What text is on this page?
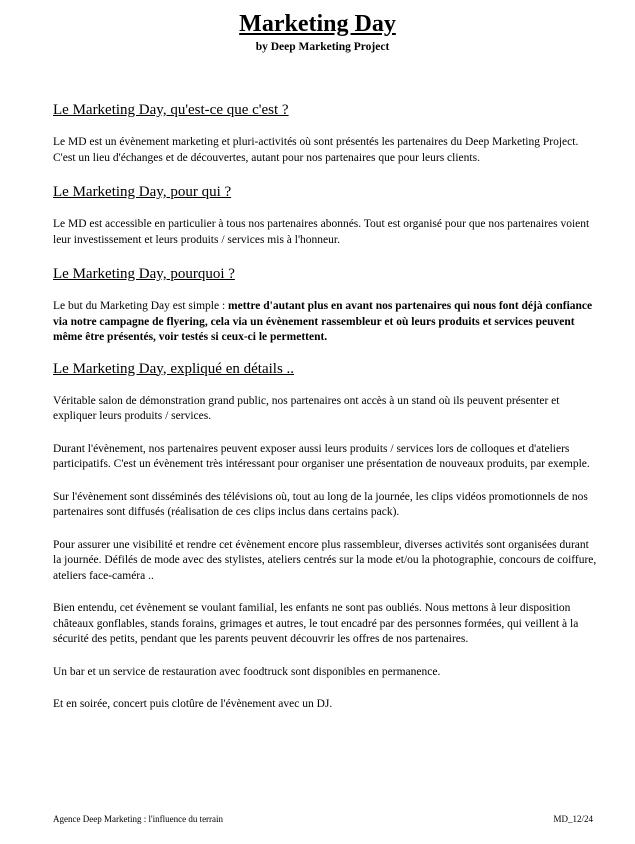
Marketing Day
by Deep Marketing Project
Le Marketing Day, qu'est-ce que c'est ?

Le MD est un évènement marketing et pluri-activités où sont présentés les partenaires du Deep Marketing Project. C'est un lieu d'échanges et de découvertes, autant pour nos partenaires que pour leurs clients.

Le Marketing Day, pour qui ?

Le MD est accessible en particulier à tous nos partenaires abonnés. Tout est organisé pour que nos partenaires voient leur investissement et leurs produits / services mis à l'honneur.

Le Marketing Day, pourquoi ?

Le but du Marketing Day est simple : mettre d'autant plus en avant nos partenaires qui nous font déjà confiance via notre campagne de flyering, cela via un évènement rassembleur et où leurs produits et services peuvent même être présentés, voir testés si ceux-ci le permettent.

Le Marketing Day, expliqué en détails ..

Véritable salon de démonstration grand public, nos partenaires ont accès à un stand où ils peuvent présenter et expliquer leurs produits / services.

Durant l'évènement, nos partenaires peuvent exposer aussi leurs produits / services lors de colloques et d'ateliers participatifs. C'est un évènement très intéressant pour organiser une présentation de nouveaux produits, par exemple.

Sur l'évènement sont disséminés des télévisions où, tout au long de la journée, les clips vidéos promotionnels de nos partenaires sont diffusés (réalisation de ces clips inclus dans certains pack).

Pour assurer une visibilité et rendre cet évènement encore plus rassembleur, diverses activités sont organisées durant la journée. Défilés de mode avec des stylistes, ateliers centrés sur la mode et/ou la photographie, concours de coiffure, ateliers face-caméra ..

Bien entendu, cet évènement se voulant familial, les enfants ne sont pas oubliés. Nous mettons à leur disposition châteaux gonflables, stands forains, grimages et autres, le tout encadré par des personnes formées, qui veillent à la sécurité des petits, pendant que les parents peuvent découvrir les offres de nos partenaires.

Un bar et un service de restauration avec foodtruck sont disponibles en permanence.

Et en soirée, concert puis clotûre de l'évènement avec un DJ.

Agence Deep Marketing : l'influence du terrain	MD_12/24
